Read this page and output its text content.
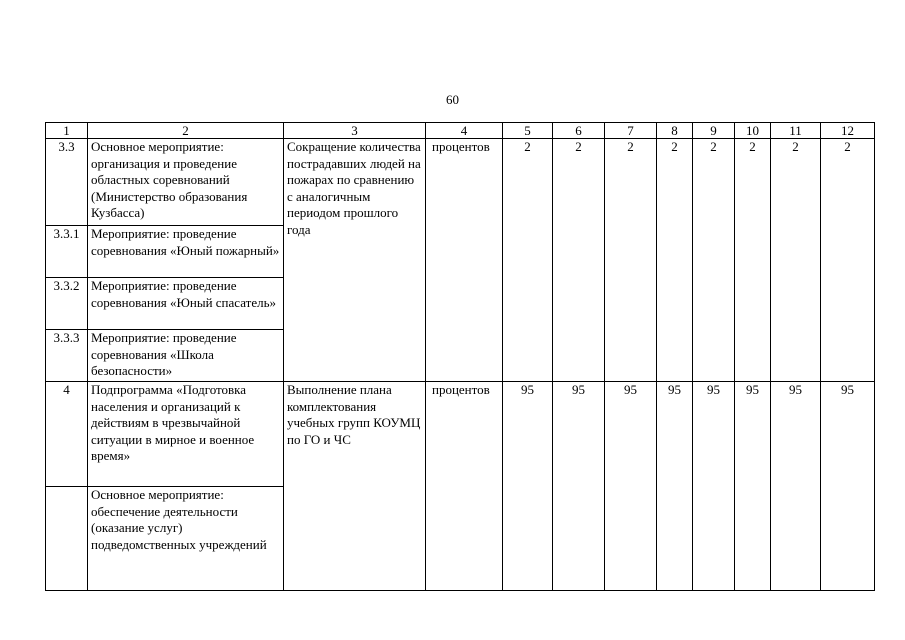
60
1	2	3	4	5	6	7	8	9	10	11	12
3.3	Основное мероприятие: организация и проведение областных соревнований (Министерство образования Кузбасса)	Сокращение количества пострадавших людей на пожарах по сравнению с аналогичным периодом прошлого года	процентов	2	2	2	2	2	2	2	2
3.3.1	Мероприятие: проведение соревнования «Юный пожарный»										
3.3.2	Мероприятие: проведение соревнования «Юный спасатель»										
3.3.3	Мероприятие: проведение соревнования «Школа безопасности»										
4	Подпрограмма «Подготовка населения и организаций к действиям в чрезвычайной ситуации в мирное и военное время»	Выполнение плана комплектования учебных групп КОУМЦ по ГО и ЧС	процентов	95	95	95	95	95	95	95	95
	Основное мероприятие: обеспечение деятельности (оказание услуг) подведомственных учреждений										
